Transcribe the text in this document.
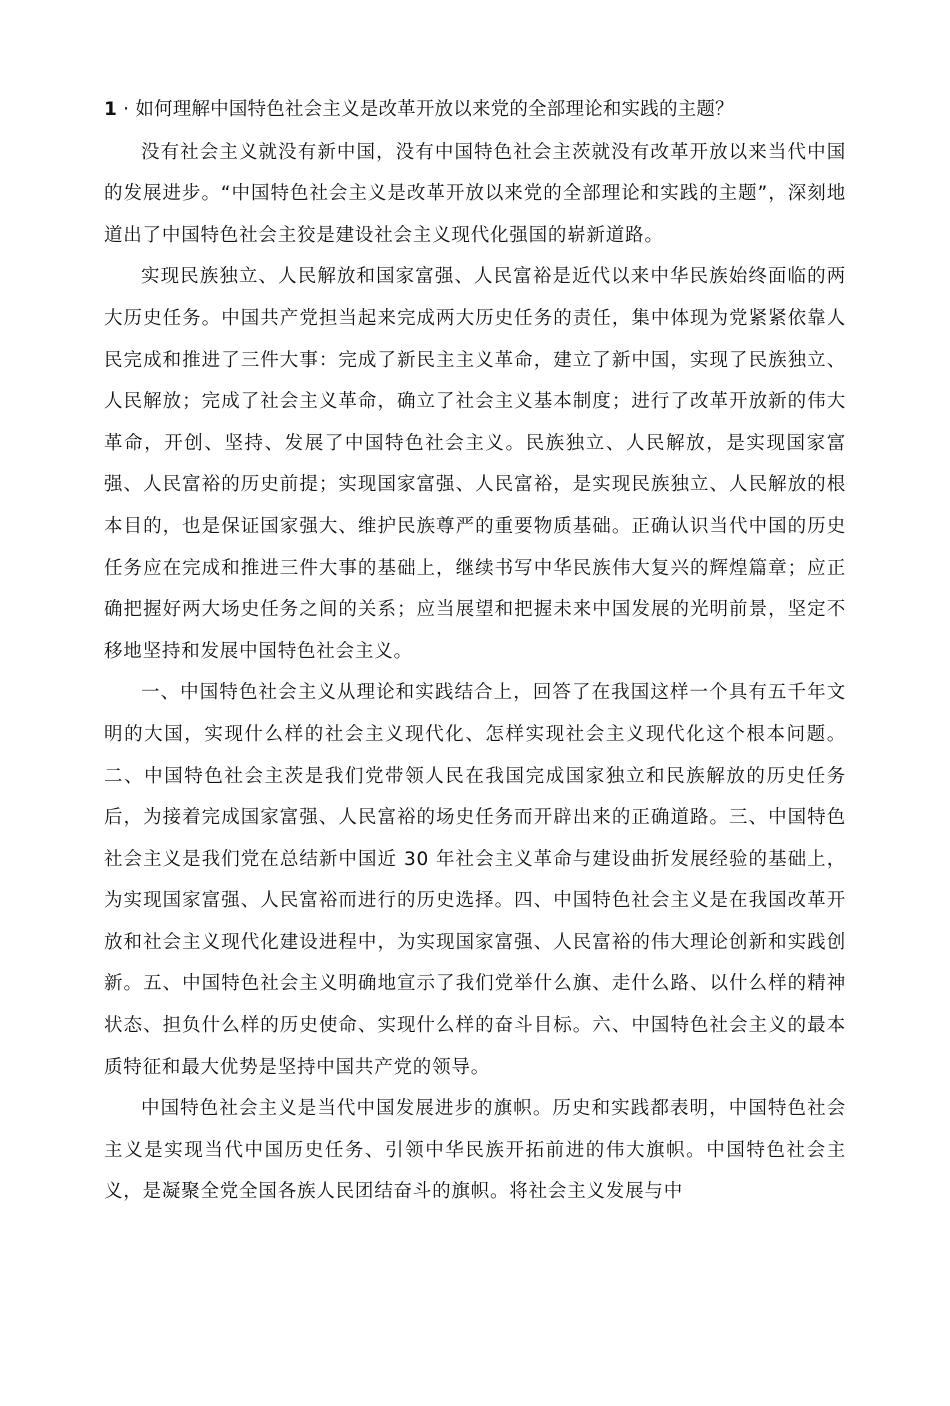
1 · 如何理解中国特色社会主义是改革开放以来党的全部理论和实践的主题？

没有社会主义就没有新中国，没有中国特色社会主茨就没有改革开放以来当代中国的发展进步。“中国特色社会主义是改革开放以来党的全部理论和实践的主题”，深刻地道出了中国特色社会主狡是建设社会主义现代化强国的崭新道路。

实现民族独立、人民解放和国家富强、人民富裕是近代以来中华民族始终面临的两大历史任务。中国共产党担当起来完成两大历史任务的责任，集中体现为党紧紧依靠人民完成和推进了三件大事：完成了新民主主义革命，建立了新中国，实现了民族独立、人民解放；完成了社会主义革命，确立了社会主义基本制度；进行了改革开放新的伟大革命，开创、坚持、发展了中国特色社会主义。民族独立、人民解放，是实现国家富强、人民富裕的历史前提；实现国家富强、人民富裕，是实现民族独立、人民解放的根本目的，也是保证国家强大、维护民族尊严的重要物质基础。正确认识当代中国的历史任务应在完成和推进三件大事的基础上，继续书写中华民族伟大复兴的辉煌篇章；应正确把握好两大场史任务之间的关系；应当展望和把握未来中国发展的光明前景，坚定不移地坚持和发展中国特色社会主义。

一、中国特色社会主义从理论和实践结合上，回答了在我国这样一个具有五千年文明的大国，实现什么样的社会主义现代化、怎样实现社会主义现代化这个根本问题。二、中国特色社会主茨是我们党带领人民在我国完成国家独立和民族解放的历史任务后，为接着完成国家富强、人民富裕的场史任务而开辟出来的正确道路。三、中国特色社会主义是我们党在总结新中国近 30 年社会主义革命与建设曲折发展经验的基础上，为实现国家富强、人民富裕而进行的历史选择。四、中国特色社会主义是在我国改革开放和社会主义现代化建设进程中，为实现国家富强、人民富裕的伟大理论创新和实践创新。五、中国特色社会主义明确地宣示了我们党举什么旗、走什么路、以什么样的精神状态、担负什么样的历史使命、实现什么样的奋斗目标。六、中国特色社会主义的最本质特征和最大优势是坚持中国共产党的领导。

中国特色社会主义是当代中国发展进步的旗帜。历史和实践都表明，中国特色社会主义是实现当代中国历史任务、引领中华民族开拓前进的伟大旗帜。中国特色社会主义，是凝聚全党全国各族人民团结奋斗的旗帜。将社会主义发展与中
